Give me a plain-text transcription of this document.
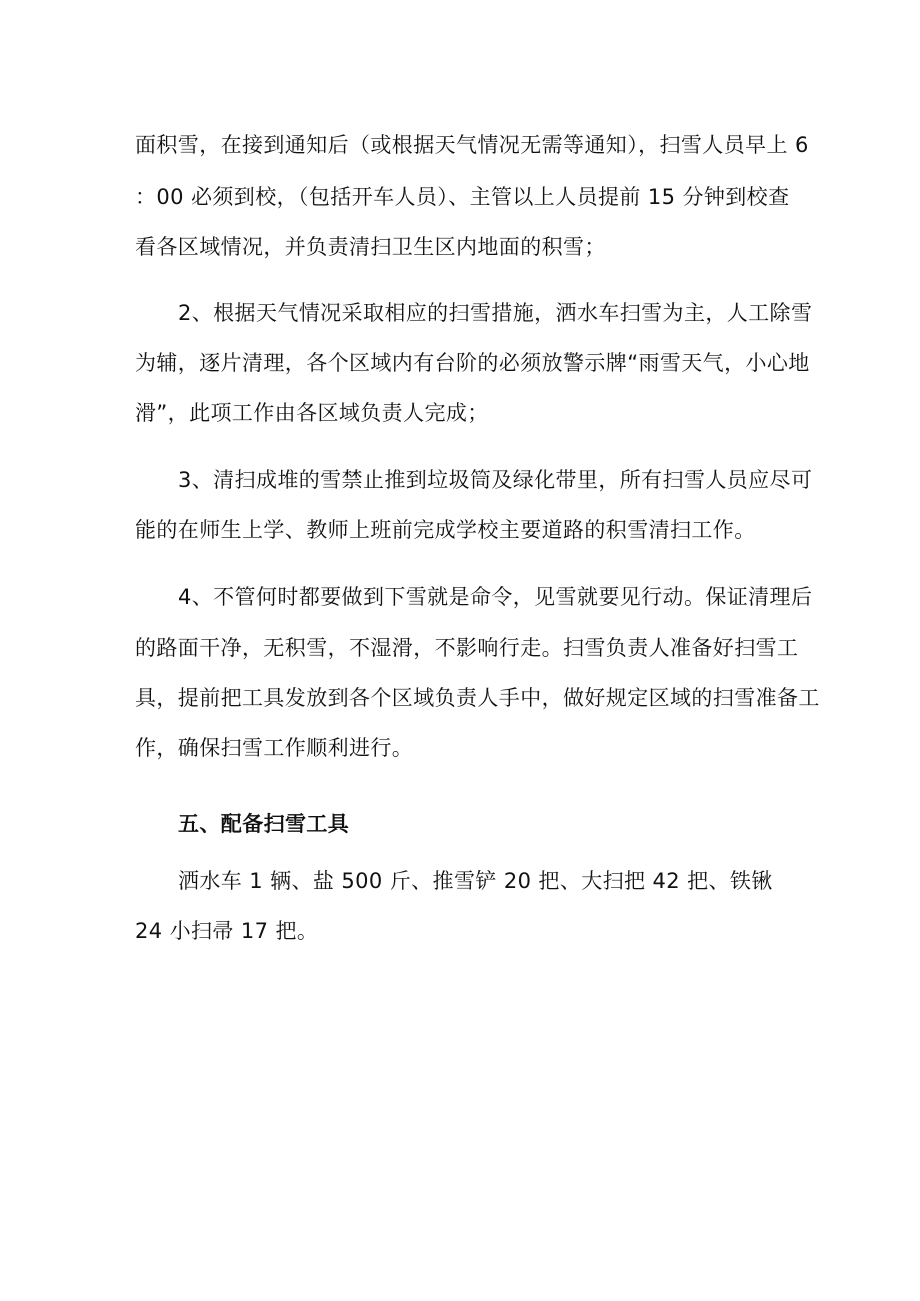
面积雪，在接到通知后（或根据天气情况无需等通知），扫雪人员早上 6
：00 必须到校，（包括开车人员）、主管以上人员提前 15 分钟到校查
看各区域情况，并负责清扫卫生区内地面的积雪；
2、根据天气情况采取相应的扫雪措施，洒水车扫雪为主，人工除雪
为辅，逐片清理，各个区域内有台阶的必须放警示牌“雨雪天气，小心地
滑”，此项工作由各区域负责人完成；
3、清扫成堆的雪禁止推到垃圾筒及绿化带里，所有扫雪人员应尽可
能的在师生上学、教师上班前完成学校主要道路的积雪清扫工作。
4、不管何时都要做到下雪就是命令，见雪就要见行动。保证清理后
的路面干净，无积雪，不湿滑，不影响行走。扫雪负责人准备好扫雪工
具，提前把工具发放到各个区域负责人手中，做好规定区域的扫雪准备工
作，确保扫雪工作顺利进行。
五、配备扫雪工具
洒水车 1 辆、盐 500 斤、推雪铲 20 把、大扫把 42 把、铁锹
24 小扫帚 17 把。
